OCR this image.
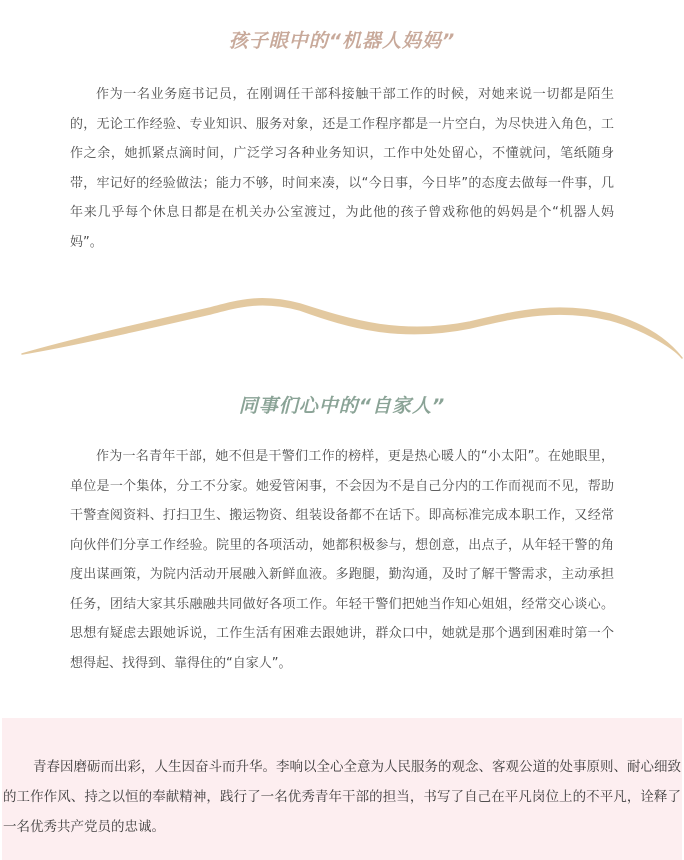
孩子眼中的“机器人妈妈”

作为一名业务庭书记员，在刚调任干部科接触干部工作的时候，对她来说一切都是陌生的，无论工作经验、专业知识、服务对象，还是工作程序都是一片空白，为尽快进入角色，工作之余，她抓紧点滴时间，广泛学习各种业务知识，工作中处处留心，不懂就问，笔纸随身带，牢记好的经验做法；能力不够，时间来凑，以“今日事，今日毕”的态度去做每一件事，几年来几乎每个休息日都是在机关办公室渡过，为此他的孩子曾戏称他的妈妈是个“机器人妈妈”。

同事们心中的“自家人”

作为一名青年干部，她不但是干警们工作的榜样，更是热心暖人的“小太阳”。在她眼里，单位是一个集体，分工不分家。她爱管闲事，不会因为不是自己分内的工作而视而不见，帮助干警查阅资料、打扫卫生、搬运物资、组装设备都不在话下。即高标准完成本职工作，又经常向伙伴们分享工作经验。院里的各项活动，她都积极参与，想创意，出点子，从年轻干警的角度出谋画策，为院内活动开展融入新鲜血液。多跑腿，勤沟通，及时了解干警需求，主动承担任务，团结大家其乐融融共同做好各项工作。年轻干警们把她当作知心姐姐，经常交心谈心。思想有疑虑去跟她诉说，工作生活有困难去跟她讲，群众口中，她就是那个遇到困难时第一个想得起、找得到、靠得住的“自家人”。

青春因磨砺而出彩，人生因奋斗而升华。李响以全心全意为人民服务的观念、客观公道的处事原则、耐心细致的工作作风、持之以恒的奉献精神，践行了一名优秀青年干部的担当，书写了自己在平凡岗位上的不平凡，诠释了一名优秀共产党员的忠诚。
